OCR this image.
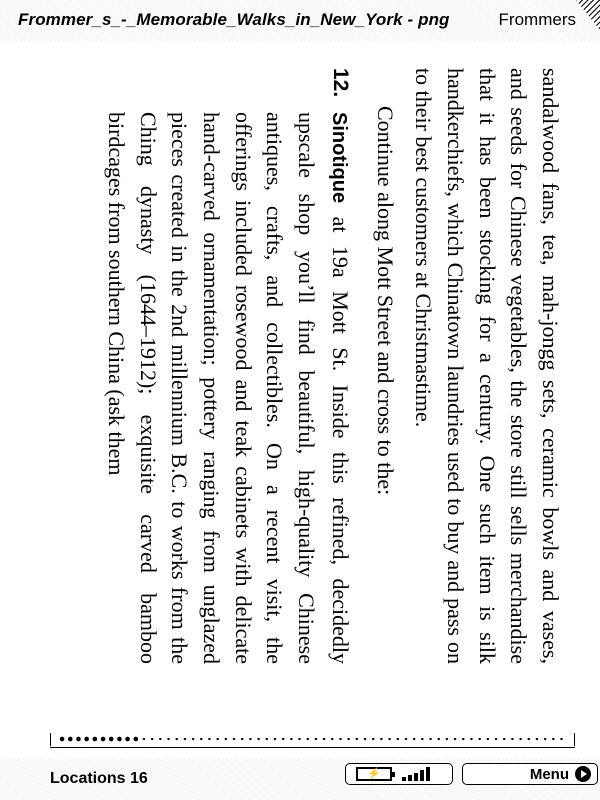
Frommer_s_-_Memorable_Walks_in_New_York - png	Frommers

sandalwood fans, tea, mah-jongg sets, ceramic bowls and vases, and seeds for Chinese vegetables, the store still sells merchandise that it has been stocking for a century. One such item is silk handkerchiefs, which Chinatown laundries used to buy and pass on to their best customers at Christmastime.

Continue along Mott Street and cross to the:

12.
Sinotique at 19a Mott St. Inside this refined, decidedly upscale shop you’ll find beautiful, high-quality Chinese antiques, crafts, and collectibles. On a recent visit, the offerings included rosewood and teak cabinets with delicate hand-carved ornamentation; pottery ranging from unglazed pieces created in the 2nd millennium B.C. to works from the Ching dynasty (1644–1912); exquisite carved bamboo birdcages from southern China (ask them
Locations 16	⚡	Menu
